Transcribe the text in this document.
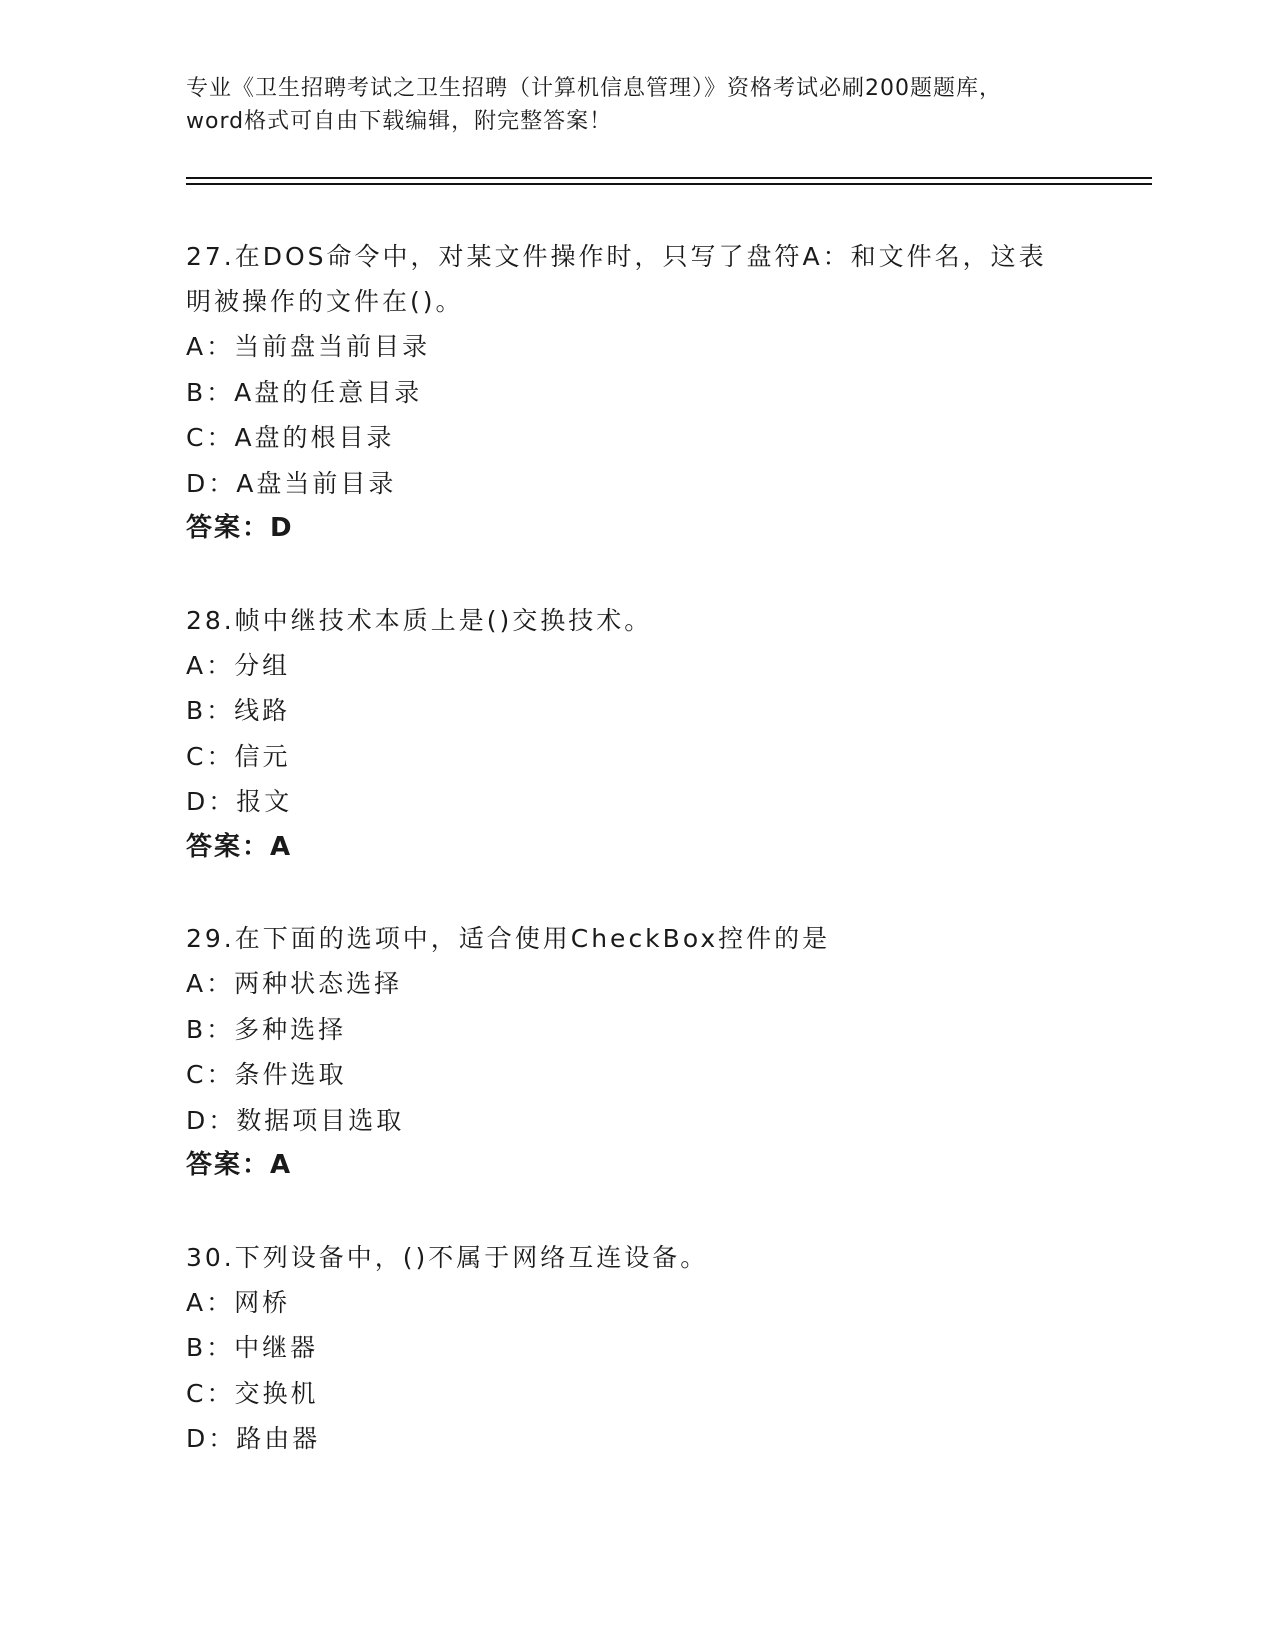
专业《卫生招聘考试之卫生招聘（计算机信息管理）》资格考试必刷200题题库，
word格式可自由下载编辑，附完整答案！
27.在DOS命令中，对某文件操作时，只写了盘符A：和文件名，这表
明被操作的文件在()。
A：当前盘当前目录
B：A盘的任意目录
C：A盘的根目录
D：A盘当前目录
答案：D
28.帧中继技术本质上是()交换技术。
A：分组
B：线路
C：信元
D：报文
答案：A
29.在下面的选项中，适合使用CheckBox控件的是
A：两种状态选择
B：多种选择
C：条件选取
D：数据项目选取
答案：A
30.下列设备中，()不属于网络互连设备。
A：网桥
B：中继器
C：交换机
D：路由器
